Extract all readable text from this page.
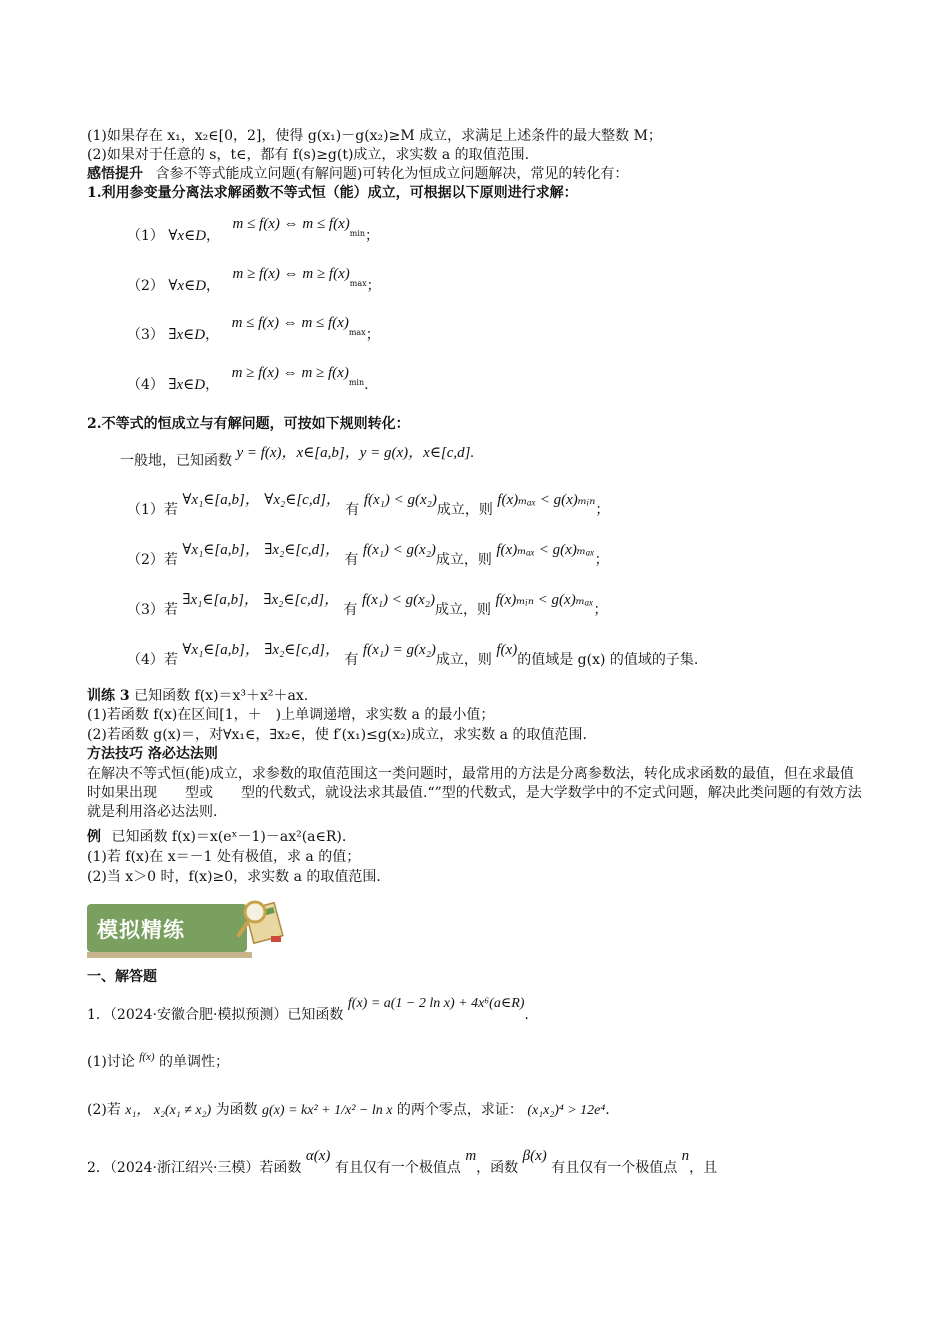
(1)如果存在 x₁，x₂∈[0，2]，使得 g(x₁)－g(x₂)≥M 成立，求满足上述条件的最大整数 M；
(2)如果对于任意的 s，t∈，都有 f(s)≥g(t)成立，求实数 a 的取值范围.
感悟提升 含参不等式能成立问题(有解问题)可转化为恒成立问题解决，常见的转化有：
1.利用参变量分离法求解函数不等式恒（能）成立，可根据以下原则进行求解：
（1） ∀x∈D， m ≤ f(x) ⇔ $m \le f(x)^{min}$；
（2） ∀x∈D， m ≥ f(x) ⇔ $m \ge f(x)^{max}$；
（3） ∃x∈D， m ≤ f(x) ⇔ $m \le f(x)^{max}$；
（4） ∃x∈D， m ≥ f(x) ⇔ $m \ge f(x)^{min}$.
2.不等式的恒成立与有解问题，可按如下规则转化：
一般地，已知函数 y = f(x)，x∈[a,b]，y = g(x)，x∈[c,d].
（1）若 ∀x₁∈[a,b]， ∀x₂∈[c,d]， 有 f(x₁) < g(x₂)成立，则 f(x)ₘₐₓ < g(x)ₘᵢₙ；
（2）若 ∀x₁∈[a,b]， ∃x₂∈[c,d]， 有 f(x₁) < g(x₂)成立，则 f(x)ₘₐₓ < g(x)ₘₐₓ；
（3）若 ∃x₁∈[a,b]， ∃x₂∈[c,d]， 有 f(x₁) < g(x₂)成立，则 f(x)ₘᵢₙ < g(x)ₘₐₓ；
（4）若 ∀x₁∈[a,b]， ∃x₂∈[c,d]， 有 f(x₁) = g(x₂)成立，则 f(x)的值域是 g(x) 的值域的子集.
训练 3 已知函数 f(x)＝x³＋x²＋ax.
(1)若函数 f(x)在区间[1，＋　)上单调递增，求实数 a 的最小值；
(2)若函数 g(x)＝，对∀x₁∈，∃x₂∈，使 f′(x₁)≤g(x₂)成立，求实数 a 的取值范围.
方法技巧 洛必达法则
在解决不等式恒(能)成立，求参数的取值范围这一类问题时，最常用的方法是分离参数法，转化成求函数的最值，但在求最值时如果出现　　型或　　型的代数式，就设法求其最值.“”型的代数式，是大学数学中的不定式问题，解决此类问题的有效方法就是利用洛必达法则.
例 已知函数 f(x)＝x(eˣ－1)－ax²(a∈R).
(1)若 f(x)在 x＝－1 处有极值，求 a 的值；
(2)当 x＞0 时，f(x)≥0，求实数 a 的取值范围.
模拟精练
一、解答题
1．（2024·安徽合肥·模拟预测）已知函数 f(x) = a(1 − 2 ln x) + 4x⁶(a∈R).
(1)讨论 $^{f(x)}$ 的单调性；
(2)若 x₁， x₂(x₁ ≠ x₂) 为函数 g(x) = kx² + 1/x² − ln x 的两个零点，求证： (x₁x₂)⁴ > 12e⁴.
2．（2024·浙江绍兴·三模）若函数 α(x) 有且仅有一个极值点 m，函数 β(x) 有且仅有一个极值点 n，且
